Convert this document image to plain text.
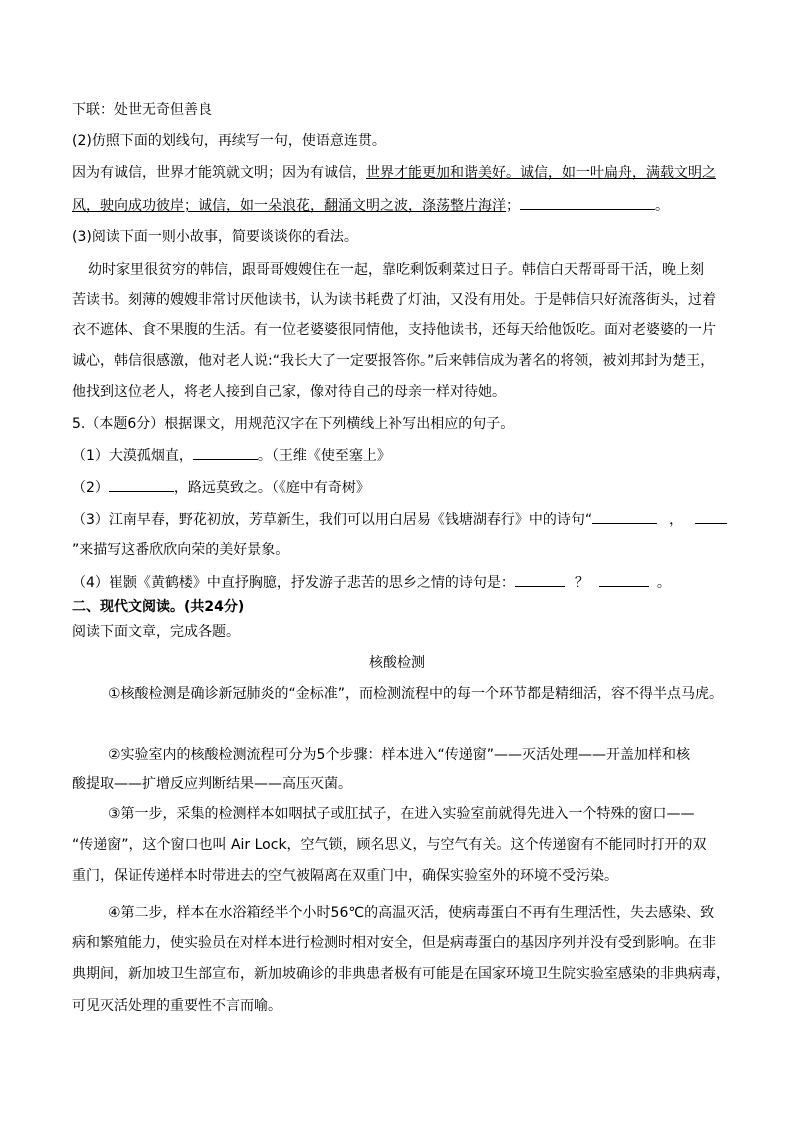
下联：处世无奇但善良
(2)仿照下面的划线句，再续写一句，使语意连贯。
因为有诚信，世界才能筑就文明；因为有诚信，世界才能更加和谐美好。诚信，如一叶扁舟，满载文明之
风，驶向成功彼岸；诚信，如一朵浪花，翻涌文明之波，涤荡整片海洋；	。
(3)阅读下面一则小故事，简要谈谈你的看法。
幼时家里很贫穷的韩信，跟哥哥嫂嫂住在一起，靠吃剩饭剩菜过日子。韩信白天帮哥哥干活，晚上刻
苦读书。刻薄的嫂嫂非常讨厌他读书，认为读书耗费了灯油，又没有用处。于是韩信只好流落街头，过着
衣不遮体、食不果腹的生活。有一位老婆婆很同情他，支持他读书，还每天给他饭吃。面对老婆婆的一片
诚心，韩信很感激，他对老人说:“我长大了一定要报答你。”后来韩信成为著名的将领，被刘邦封为楚王，
他找到这位老人，将老人接到自己家，像对待自己的母亲一样对待她。
5.（本题6分）根据课文，用规范汉字在下列横线上补写出相应的句子。
（1）大漠孤烟直，	。（王维《使至塞上》
（2）	，路远莫致之。（《庭中有奇树》
（3）江南早春，野花初放，芳草新生，我们可以用白居易《钱塘湖春行》中的诗句“	，
”来描写这番欣欣向荣的美好景象。
（4）崔颢《黄鹤楼》中直抒胸臆，抒发游子悲苦的思乡之情的诗句是：	？	。
二、现代文阅读。(共24分)
阅读下面文章，完成各题。
核酸检测
①核酸检测是确诊新冠肺炎的“金标准”，而检测流程中的每一个环节都是精细活，容不得半点马虎。
②实验室内的核酸检测流程可分为5个步骤：样本进入“传递窗”——灭活处理——开盖加样和核
酸提取——扩增反应判断结果——高压灭菌。
③第一步，采集的检测样本如咽拭子或肛拭子，在进入实验室前就得先进入一个特殊的窗口——
“传递窗”，这个窗口也叫 Air Lock，空气锁，顾名思义，与空气有关。这个传递窗有不能同时打开的双
重门，保证传递样本时带进去的空气被隔离在双重门中，确保实验室外的环境不受污染。
④第二步，样本在水浴箱经半个小时56℃的高温灭活，使病毒蛋白不再有生理活性，失去感染、致
病和繁殖能力，使实验员在对样本进行检测时相对安全，但是病毒蛋白的基因序列并没有受到影响。在非
典期间，新加坡卫生部宣布，新加坡确诊的非典患者极有可能是在国家环境卫生院实验室感染的非典病毒，
可见灭活处理的重要性不言而喻。
